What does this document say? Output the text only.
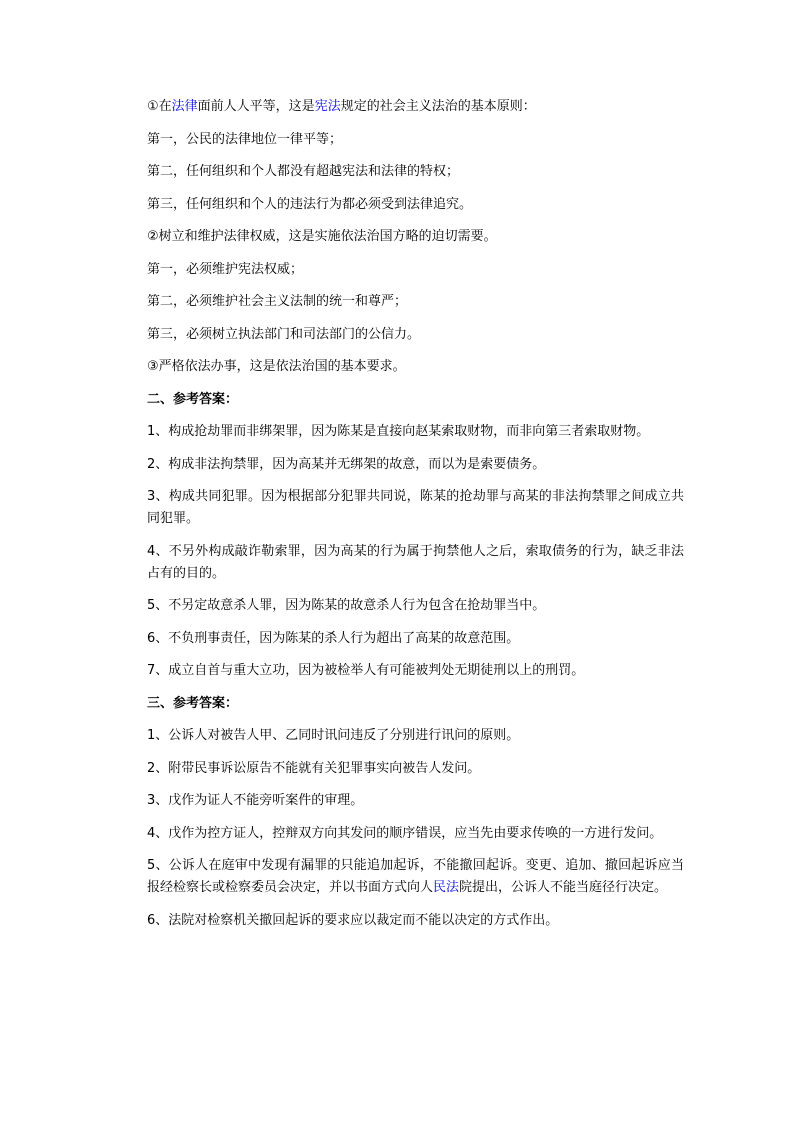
①在法律面前人人平等，这是宪法规定的社会主义法治的基本原则：

第一，公民的法律地位一律平等；

第二，任何组织和个人都没有超越宪法和法律的特权；

第三，任何组织和个人的违法行为都必须受到法律追究。

②树立和维护法律权威，这是实施依法治国方略的迫切需要。

第一，必须维护宪法权威；

第二，必须维护社会主义法制的统一和尊严；

第三，必须树立执法部门和司法部门的公信力。

③严格依法办事，这是依法治国的基本要求。

二、参考答案：

1、构成抢劫罪而非绑架罪，因为陈某是直接向赵某索取财物，而非向第三者索取财物。

2、构成非法拘禁罪，因为高某并无绑架的故意，而以为是索要债务。

3、构成共同犯罪。因为根据部分犯罪共同说，陈某的抢劫罪与高某的非法拘禁罪之间成立共同犯罪。

4、不另外构成敲诈勒索罪，因为高某的行为属于拘禁他人之后，索取债务的行为，缺乏非法占有的目的。

5、不另定故意杀人罪，因为陈某的故意杀人行为包含在抢劫罪当中。

6、不负刑事责任，因为陈某的杀人行为超出了高某的故意范围。

7、成立自首与重大立功，因为被检举人有可能被判处无期徒刑以上的刑罚。

三、参考答案：

1、公诉人对被告人甲、乙同时讯问违反了分别进行讯问的原则。

2、附带民事诉讼原告不能就有关犯罪事实向被告人发问。

3、戊作为证人不能旁听案件的审理。

4、戊作为控方证人，控辩双方向其发问的顺序错误，应当先由要求传唤的一方进行发问。

5、公诉人在庭审中发现有漏罪的只能追加起诉，不能撤回起诉。变更、追加、撤回起诉应当报经检察长或检察委员会决定，并以书面方式向人民法院提出，公诉人不能当庭径行决定。

6、法院对检察机关撤回起诉的要求应以裁定而不能以决定的方式作出。
